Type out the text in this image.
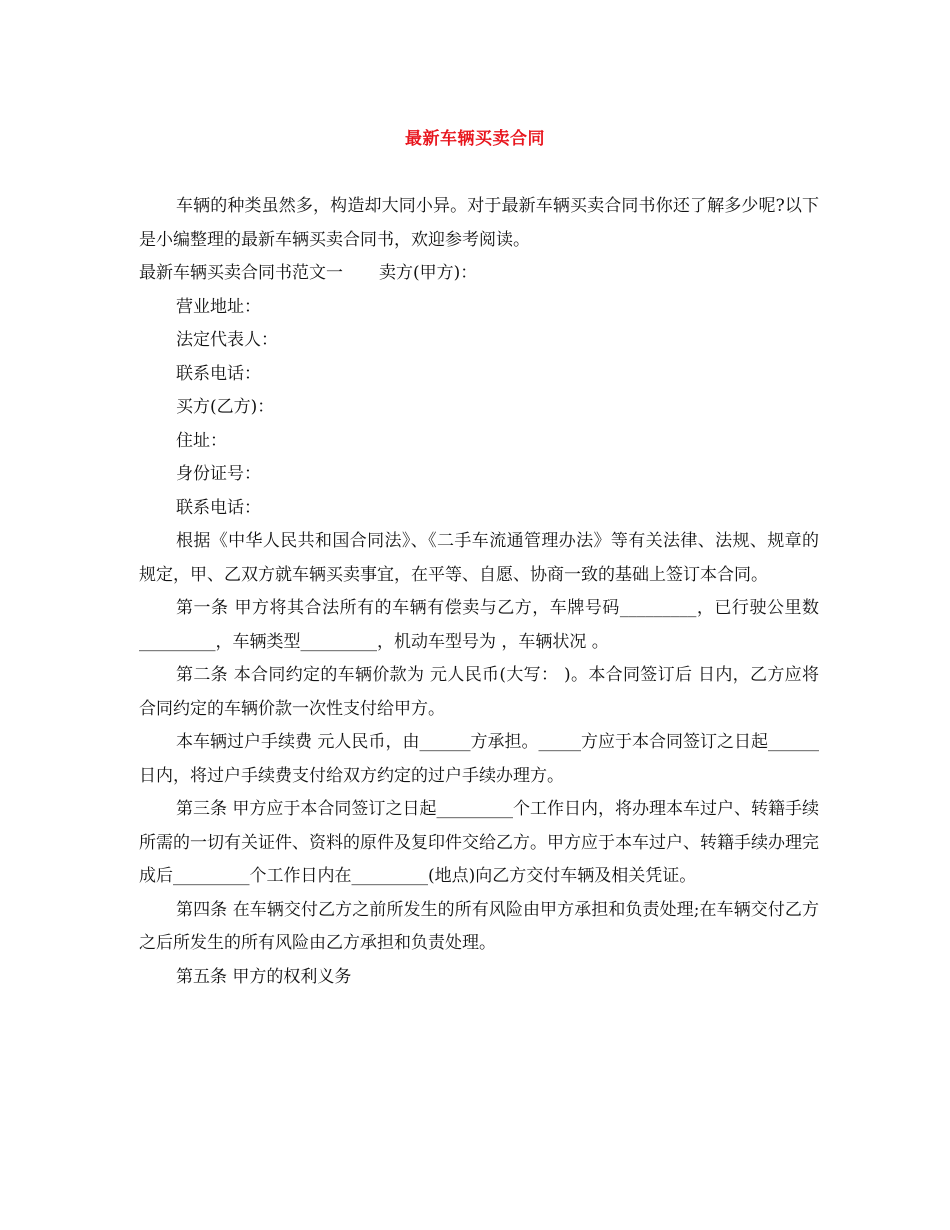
最新车辆买卖合同

车辆的种类虽然多，构造却大同小异。对于最新车辆买卖合同书你还了解多少呢?以下是小编整理的最新车辆买卖合同书，欢迎参考阅读。

最新车辆买卖合同书范文一 卖方(甲方)：

营业地址：

法定代表人：

联系电话：

买方(乙方)：

住址：

身份证号：

联系电话：

根据《中华人民共和国合同法》、《二手车流通管理办法》等有关法律、法规、规章的规定，甲、乙双方就车辆买卖事宜，在平等、自愿、协商一致的基础上签订本合同。

第一条 甲方将其合法所有的车辆有偿卖与乙方，车牌号码_________，已行驶公里数_________，车辆类型_________，机动车型号为 ，车辆状况 。

第二条 本合同约定的车辆价款为 元人民币(大写： )。本合同签订后 日内，乙方应将合同约定的车辆价款一次性支付给甲方。

本车辆过户手续费 元人民币，由______方承担。_____方应于本合同签订之日起______日内，将过户手续费支付给双方约定的过户手续办理方。

第三条 甲方应于本合同签订之日起_________个工作日内，将办理本车过户、转籍手续所需的一切有关证件、资料的原件及复印件交给乙方。甲方应于本车过户、转籍手续办理完成后_________个工作日内在_________(地点)向乙方交付车辆及相关凭证。

第四条 在车辆交付乙方之前所发生的所有风险由甲方承担和负责处理;在车辆交付乙方之后所发生的所有风险由乙方承担和负责处理。

第五条 甲方的权利义务
